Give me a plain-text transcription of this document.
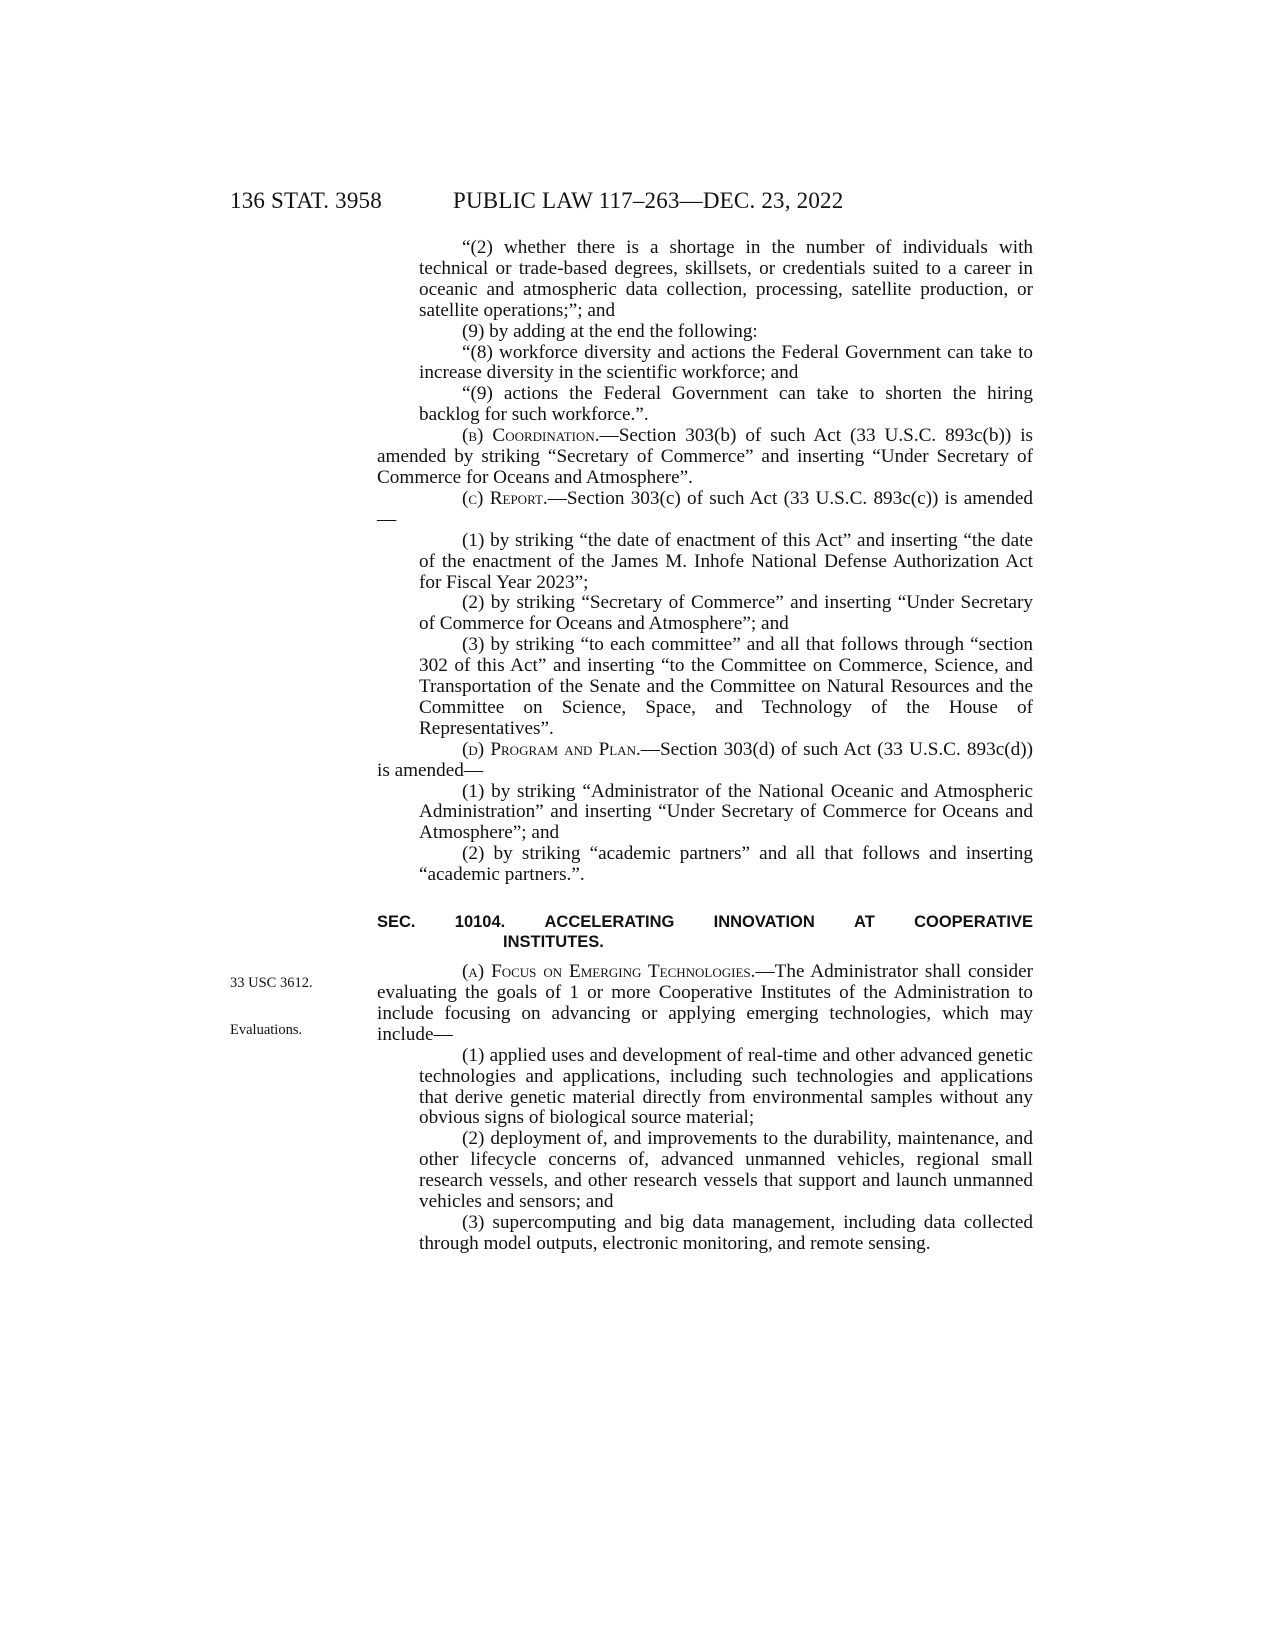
136 STAT. 3958	PUBLIC LAW 117–263—DEC. 23, 2022
33 USC 3612.
Evaluations.

“(2) whether there is a shortage in the number of individuals with technical or trade-based degrees, skillsets, or credentials suited to a career in oceanic and atmospheric data collection, processing, satellite production, or satellite operations;”; and

(9) by adding at the end the following:

“(8) workforce diversity and actions the Federal Government can take to increase diversity in the scientific workforce; and

“(9) actions the Federal Government can take to shorten the hiring backlog for such workforce.”.

(b) Coordination.—Section 303(b) of such Act (33 U.S.C. 893c(b)) is amended by striking “Secretary of Commerce” and inserting “Under Secretary of Commerce for Oceans and Atmosphere”.

(c) Report.—Section 303(c) of such Act (33 U.S.C. 893c(c)) is amended—

(1) by striking “the date of enactment of this Act” and inserting “the date of the enactment of the James M. Inhofe National Defense Authorization Act for Fiscal Year 2023”;

(2) by striking “Secretary of Commerce” and inserting “Under Secretary of Commerce for Oceans and Atmosphere”; and

(3) by striking “to each committee” and all that follows through “section 302 of this Act” and inserting “to the Committee on Commerce, Science, and Transportation of the Senate and the Committee on Natural Resources and the Committee on Science, Space, and Technology of the House of Representatives”.

(d) Program and Plan.—Section 303(d) of such Act (33 U.S.C. 893c(d)) is amended—

(1) by striking “Administrator of the National Oceanic and Atmospheric Administration” and inserting “Under Secretary of Commerce for Oceans and Atmosphere”; and

(2) by striking “academic partners” and all that follows and inserting “academic partners.”.

SEC. 10104. ACCELERATING INNOVATION AT COOPERATIVE
INSTITUTES.

(a) Focus on Emerging Technologies.—The Administrator shall consider evaluating the goals of 1 or more Cooperative Institutes of the Administration to include focusing on advancing or applying emerging technologies, which may include—

(1) applied uses and development of real-time and other advanced genetic technologies and applications, including such technologies and applications that derive genetic material directly from environmental samples without any obvious signs of biological source material;

(2) deployment of, and improvements to the durability, maintenance, and other lifecycle concerns of, advanced unmanned vehicles, regional small research vessels, and other research vessels that support and launch unmanned vehicles and sensors; and

(3) supercomputing and big data management, including data collected through model outputs, electronic monitoring, and remote sensing.
